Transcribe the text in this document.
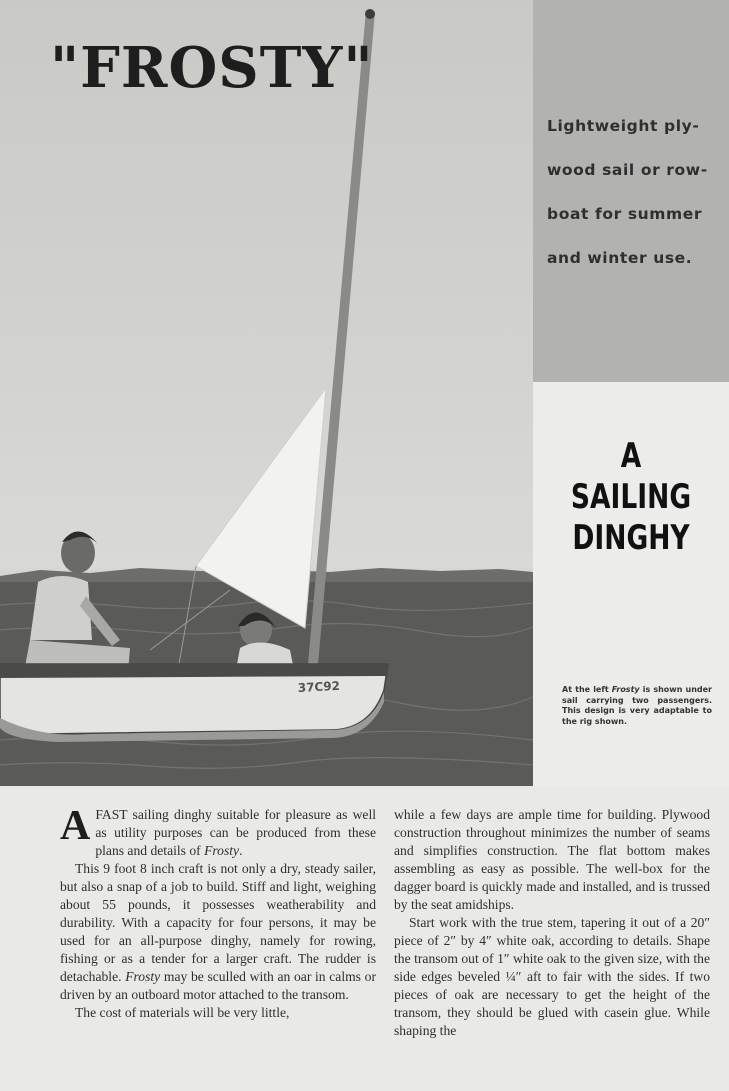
37C92
"FROSTY"

Lightweight ply-
wood sail or row-
boat for summer
and winter use.

A
SAILING
DINGHY

At the left Frosty is shown under sail carrying two passengers. This design is very adaptable to the rig shown.

A FAST sailing dinghy suitable for pleasure as well as utility purposes can be produced from these plans and details of Frosty.

This 9 foot 8 inch craft is not only a dry, steady sailer, but also a snap of a job to build. Stiff and light, weighing about 55 pounds, it possesses weatherability and durability. With a capacity for four persons, it may be used for an all-purpose dinghy, namely for rowing, fishing or as a tender for a larger craft. The rudder is detachable. Frosty may be sculled with an oar in calms or driven by an outboard motor attached to the transom.

The cost of materials will be very little,

while a few days are ample time for building. Plywood construction throughout minimizes the number of seams and simplifies construction. The flat bottom makes assembling as easy as possible. The well-box for the dagger board is quickly made and installed, and is trussed by the seat amidships.

Start work with the true stem, tapering it out of a 20″ piece of 2″ by 4″ white oak, according to details. Shape the transom out of 1″ white oak to the given size, with the side edges beveled ¼″ aft to fair with the sides. If two pieces of oak are necessary to get the height of the transom, they should be glued with casein glue. While shaping the
